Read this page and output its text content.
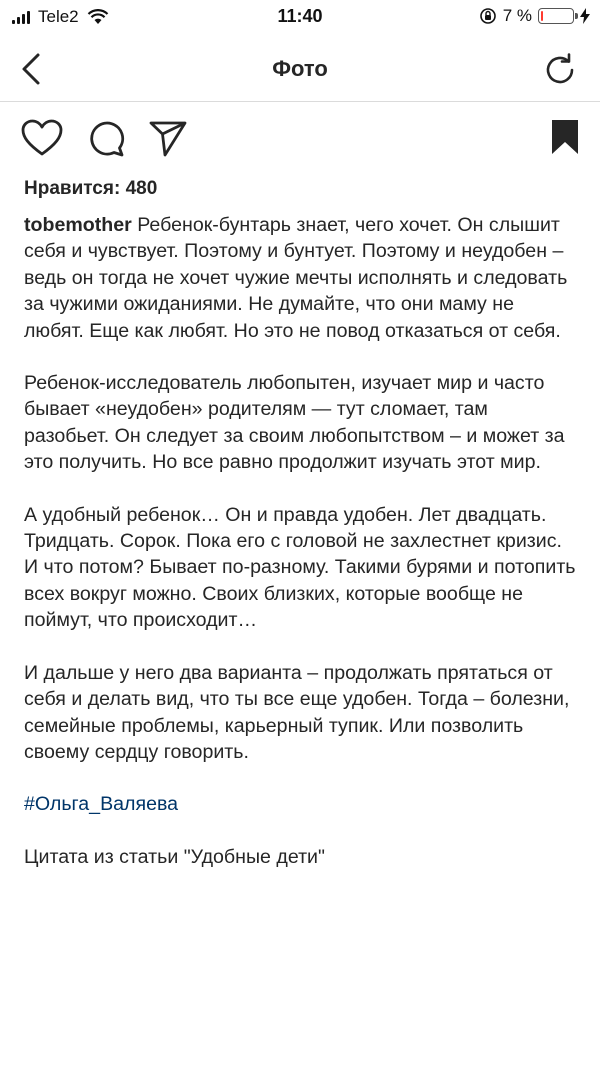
Tele2	11:40	7 %
Фото
Нравится: 480

tobemother Ребенок-бунтарь знает, чего хочет. Он слышит себя и чувствует. Поэтому и бунтует. Поэтому и неудобен – ведь он тогда не хочет чужие мечты исполнять и следовать за чужими ожиданиями. Не думайте, что они маму не любят. Еще как любят. Но это не повод отказаться от себя.

Ребенок-исследователь любопытен, изучает мир и часто бывает «неудобен» родителям — тут сломает, там разобьет. Он следует за своим любопытством – и может за это получить. Но все равно продолжит изучать этот мир.

А удобный ребенок… Он и правда удобен. Лет двадцать. Тридцать. Сорок. Пока его с головой не захлестнет кризис. И что потом? Бывает по-разному. Такими бурями и потопить всех вокруг можно. Своих близких, которые вообще не поймут, что происходит…

И дальше у него два варианта – продолжать прятаться от себя и делать вид, что ты все еще удобен. Тогда – болезни, семейные проблемы, карьерный тупик. Или позволить своему сердцу говорить.

#Ольга_Валяева

Цитата из статьи "Удобные дети"
